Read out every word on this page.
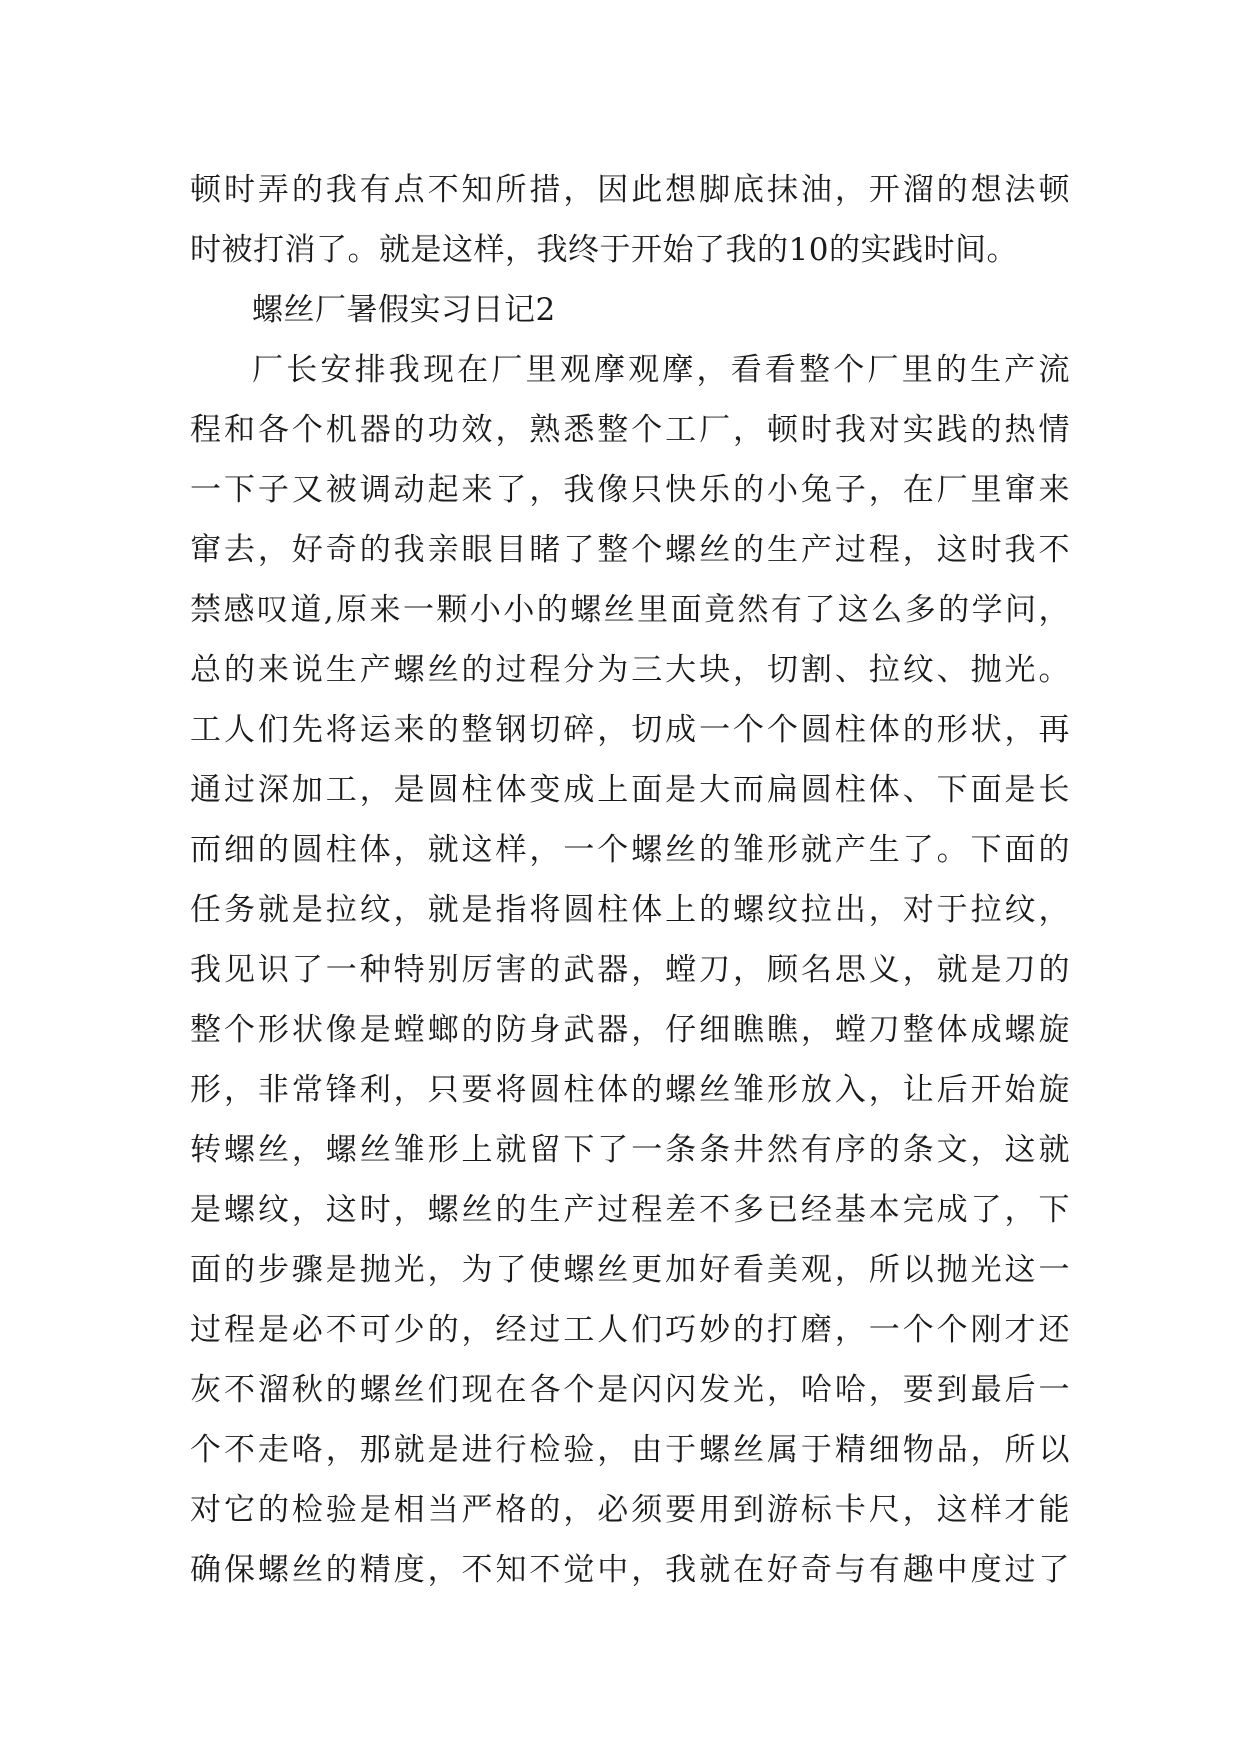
顿时弄的我有点不知所措，因此想脚底抹油，开溜的想法顿
时被打消了。就是这样，我终于开始了我的10的实践时间。
螺丝厂暑假实习日记2
厂长安排我现在厂里观摩观摩，看看整个厂里的生产流
程和各个机器的功效，熟悉整个工厂，顿时我对实践的热情
一下子又被调动起来了，我像只快乐的小兔子，在厂里窜来
窜去，好奇的我亲眼目睹了整个螺丝的生产过程，这时我不
禁感叹道,原来一颗小小的螺丝里面竟然有了这么多的学问，
总的来说生产螺丝的过程分为三大块，切割、拉纹、抛光。
工人们先将运来的整钢切碎，切成一个个圆柱体的形状，再
通过深加工，是圆柱体变成上面是大而扁圆柱体、下面是长
而细的圆柱体，就这样，一个螺丝的雏形就产生了。下面的
任务就是拉纹，就是指将圆柱体上的螺纹拉出，对于拉纹，
我见识了一种特别厉害的武器，螳刀，顾名思义，就是刀的
整个形状像是螳螂的防身武器，仔细瞧瞧，螳刀整体成螺旋
形，非常锋利，只要将圆柱体的螺丝雏形放入，让后开始旋
转螺丝，螺丝雏形上就留下了一条条井然有序的条文，这就
是螺纹，这时，螺丝的生产过程差不多已经基本完成了，下
面的步骤是抛光，为了使螺丝更加好看美观，所以抛光这一
过程是必不可少的，经过工人们巧妙的打磨，一个个刚才还
灰不溜秋的螺丝们现在各个是闪闪发光，哈哈，要到最后一
个不走咯，那就是进行检验，由于螺丝属于精细物品，所以
对它的检验是相当严格的，必须要用到游标卡尺，这样才能
确保螺丝的精度，不知不觉中，我就在好奇与有趣中度过了
